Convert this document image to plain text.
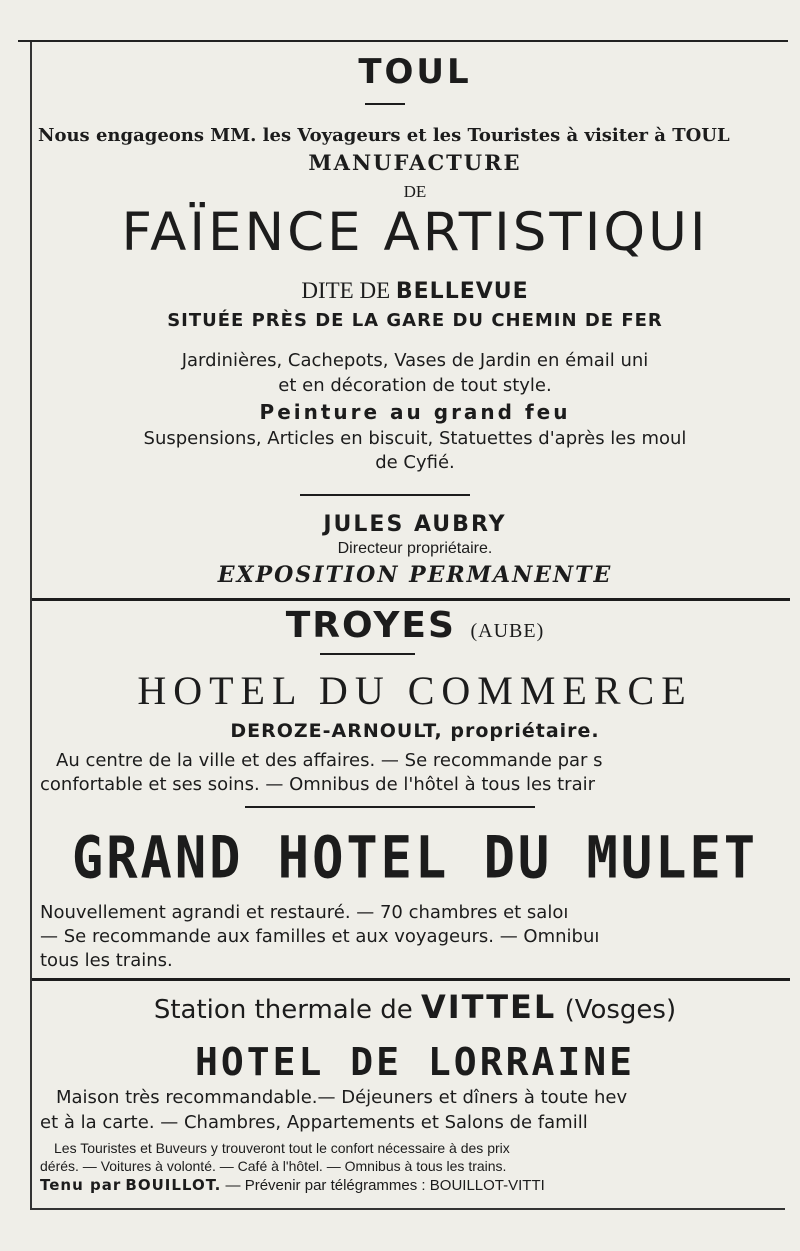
TOUL
Nous engageons MM. les Voyageurs et les Touristes à visiter à TOUL
MANUFACTURE
DE
FAÏENCE ARTISTIQUI
DITE DE BELLEVUE
SITUÉE PRÈS DE LA GARE DU CHEMIN DE FER
Jardinières, Cachepots, Vases de Jardin en émail uni
et en décoration de tout style.
Peinture au grand feu
Suspensions, Articles en biscuit, Statuettes d'après les moul
de Cyfié.
JULES AUBRY
Directeur propriétaire.
EXPOSITION PERMANENTE
TROYES (AUBE)
HOTEL DU COMMERCE
DEROZE-ARNOULT, propriétaire.
Au centre de la ville et des affaires. — Se recommande par s
confortable et ses soins. — Omnibus de l'hôtel à tous les trair
GRAND HOTEL DU MULET
Nouvellement agrandi et restauré. — 70 chambres et saloı
— Se recommande aux familles et aux voyageurs. — Omnibuı
tous les trains.
Station thermale de VITTEL (Vosges)
HOTEL DE LORRAINE
Maison très recommandable.— Déjeuners et dîners à toute hev
et à la carte. — Chambres, Appartements et Salons de famill
Les Touristes et Buveurs y trouveront tout le confort nécessaire à des prix
dérés. — Voitures à volonté. — Café à l'hôtel. — Omnibus à tous les trains.
Tenu par BOUILLOT. — Prévenir par télégrammes : BOUILLOT-VITTI
